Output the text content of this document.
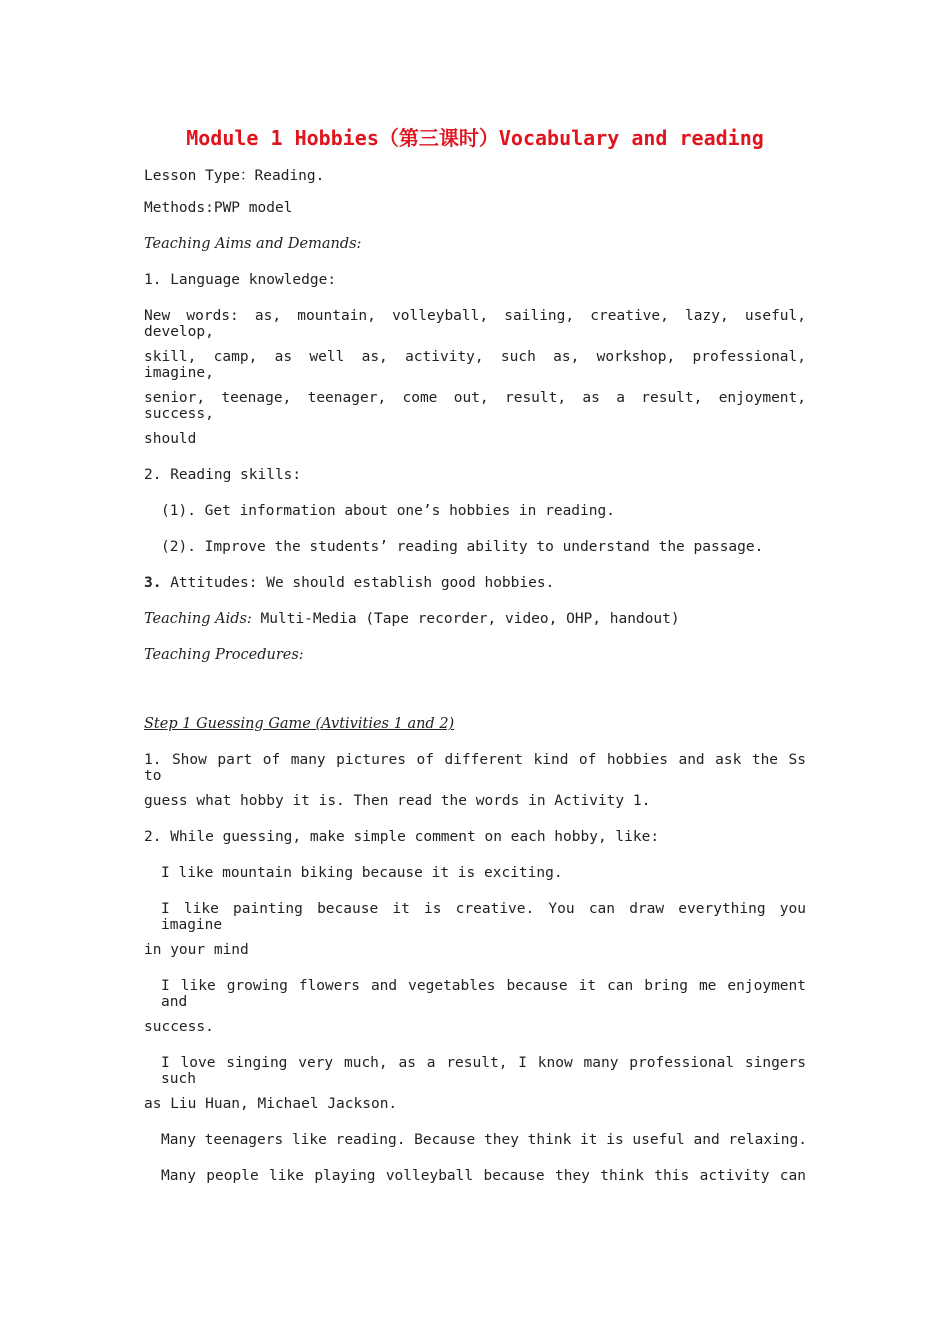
Module 1 Hobbies（第三课时）Vocabulary and reading
Lesson Type：Reading.
Methods:PWP model
Teaching Aims and Demands:
1. Language knowledge:
New words: as, mountain, volleyball, sailing, creative, lazy, useful, develop,
skill, camp, as well as, activity, such as, workshop, professional, imagine,
senior, teenage, teenager, come out, result, as a result, enjoyment, success,
should
2. Reading skills:
(1). Get information about one’s hobbies in reading.
(2). Improve the students’ reading ability to understand the passage.
3. Attitudes: We should establish good hobbies.
Teaching Aids: Multi-Media (Tape recorder, video, OHP, handout)
Teaching Procedures:
Step 1 Guessing Game (Avtivities 1 and 2)
1. Show part of many pictures of different kind of hobbies and ask the Ss to
guess what hobby it is. Then read the words in Activity 1.
2. While guessing, make simple comment on each hobby, like:
I like mountain biking because it is exciting.
I like painting because it is creative. You can draw everything you imagine
in your mind
I like growing flowers and vegetables because it can bring me enjoyment and
success.
I love singing very much, as a result, I know many professional singers such
as Liu Huan, Michael Jackson.
Many teenagers like reading. Because they think it is useful and relaxing.
Many people like playing volleyball because they think this activity can
